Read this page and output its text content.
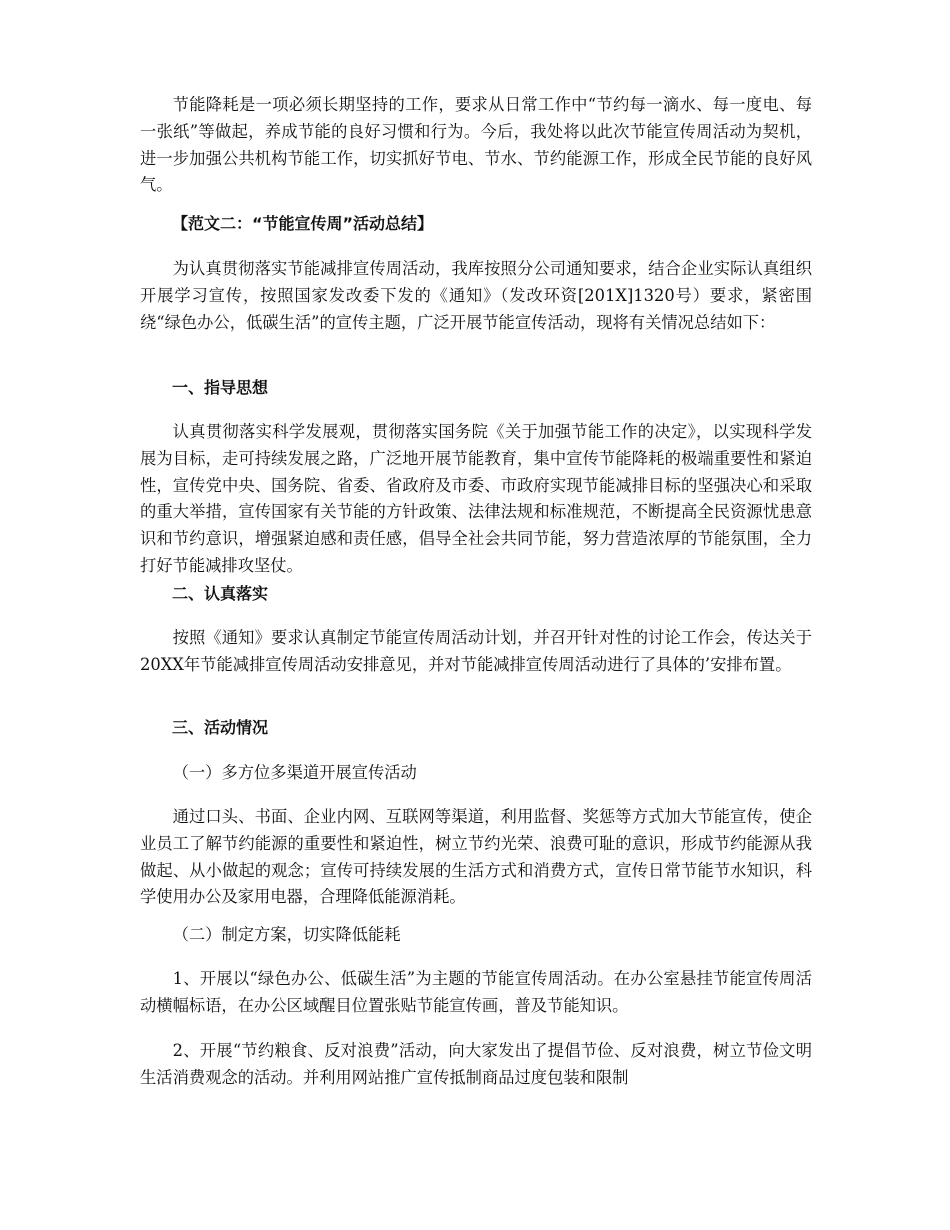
节能降耗是一项必须长期坚持的工作，要求从日常工作中“节约每一滴水、每一度电、每一张纸”等做起，养成节能的良好习惯和行为。今后，我处将以此次节能宣传周活动为契机，进一步加强公共机构节能工作，切实抓好节电、节水、节约能源工作，形成全民节能的良好风气。

【范文二：“节能宣传周”活动总结】

为认真贯彻落实节能减排宣传周活动，我库按照分公司通知要求，结合企业实际认真组织开展学习宣传，按照国家发改委下发的《通知》（发改环资[201X]1320号）要求，紧密围绕“绿色办公，低碳生活”的宣传主题，广泛开展节能宣传活动，现将有关情况总结如下：

一、指导思想

认真贯彻落实科学发展观，贯彻落实国务院《关于加强节能工作的决定》，以实现科学发展为目标，走可持续发展之路，广泛地开展节能教育，集中宣传节能降耗的极端重要性和紧迫性，宣传党中央、国务院、省委、省政府及市委、市政府实现节能减排目标的坚强决心和采取的重大举措，宣传国家有关节能的方针政策、法律法规和标准规范，不断提高全民资源忧患意识和节约意识，增强紧迫感和责任感，倡导全社会共同节能，努力营造浓厚的节能氛围，全力打好节能减排攻坚仗。

二、认真落实

按照《通知》要求认真制定节能宣传周活动计划，并召开针对性的讨论工作会，传达关于20XX年节能减排宣传周活动安排意见，并对节能减排宣传周活动进行了具体的’安排布置。

三、活动情况

（一）多方位多渠道开展宣传活动

通过口头、书面、企业内网、互联网等渠道，利用监督、奖惩等方式加大节能宣传，使企业员工了解节约能源的重要性和紧迫性，树立节约光荣、浪费可耻的意识，形成节约能源从我做起、从小做起的观念；宣传可持续发展的生活方式和消费方式，宣传日常节能节水知识，科学使用办公及家用电器，合理降低能源消耗。

（二）制定方案，切实降低能耗

1、开展以“绿色办公、低碳生活”为主题的节能宣传周活动。在办公室悬挂节能宣传周活动横幅标语，在办公区域醒目位置张贴节能宣传画，普及节能知识。

2、开展“节约粮食、反对浪费”活动，向大家发出了提倡节俭、反对浪费，树立节俭文明生活消费观念的活动。并利用网站推广宣传抵制商品过度包装和限制
